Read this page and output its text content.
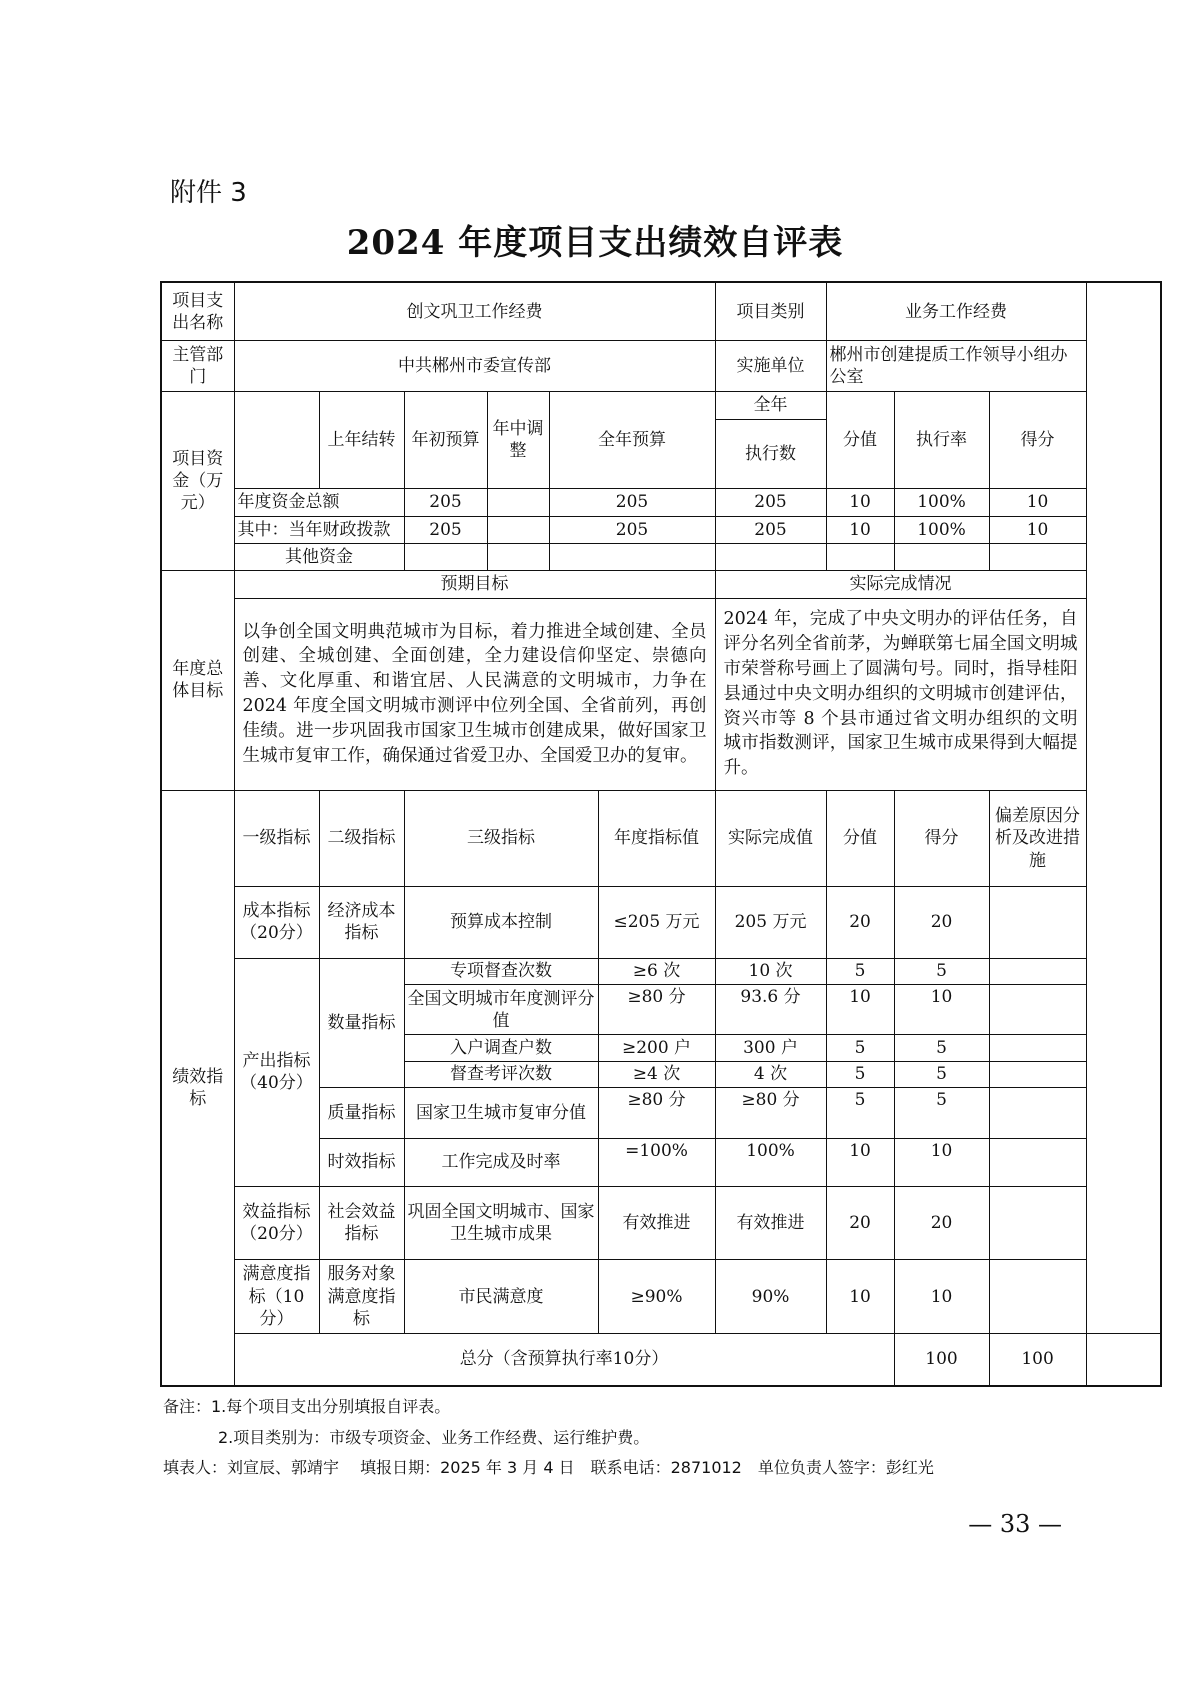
附件 3
2024 年度项目支出绩效自评表
项目支出名称	创文巩卫工作经费						项目类别	业务工作经费			
主管部门	中共郴州市委宣传部						实施单位	郴州市创建提质工作领导小组办公室			
项目资金（万元）		上年结转	年初预算	年中调整	全年预算		全年	分值	执行率	得分	
							执行数				
	年度资金总额		205		205		205	10	100%	10	
	其中：当年财政拨款		205		205		205	10	100%	10	
	其他资金										
年度总体目标	预期目标						实际完成情况				
	以争创全国文明典范城市为目标，着力推进全域创建、全员创建、全城创建、全面创建，全力建设信仰坚定、崇德向善、文化厚重、和谐宜居、人民满意的文明城市，力争在 2024 年度全国文明城市测评中位列全国、全省前列，再创佳绩。进一步巩固我市国家卫生城市创建成果，做好国家卫生城市复审工作，确保通过省爱卫办、全国爱卫办的复审。						2024 年，完成了中央文明办的评估任务，自评分名列全省前茅，为蝉联第七届全国文明城市荣誉称号画上了圆满句号。同时，指导桂阳县通过中央文明办组织的文明城市创建评估，资兴市等 8 个县市通过省文明办组织的文明城市指数测评，国家卫生城市成果得到大幅提升。				
绩效指标	一级指标	二级指标	三级指标			年度指标值	实际完成值	分值	得分	偏差原因分析及改进措施	
	成本指标（20分）	经济成本指标	预算成本控制			≤205 万元	205 万元	20	20		
	产出指标（40分）	数量指标	专项督查次数			≥6 次	10 次	5	5		
			全国文明城市年度测评分值			≥80 分	93.6 分	10	10		
			入户调查户数			≥200 户	300 户	5	5		
			督查考评次数			≥4 次	4 次	5	5		
		质量指标	国家卫生城市复审分值			≥80 分	≥80 分	5	5		
		时效指标	工作完成及时率			=100%	100%	10	10		
	效益指标（20分）	社会效益指标	巩固全国文明城市、国家卫生城市成果			有效推进	有效推进	20	20		
	满意度指标（10分）	服务对象满意度指标	市民满意度			≥90%	90%	10	10		
	总分（含预算执行率10分）								100	100	
备注：1.每个项目支出分别填报自评表。
2.项目类别为：市级专项资金、业务工作经费、运行维护费。
填表人：刘宣辰、郭靖宇　 填报日期：2025 年 3 月 4 日　联系电话：2871012　单位负责人签字：彭红光
— 33 —
